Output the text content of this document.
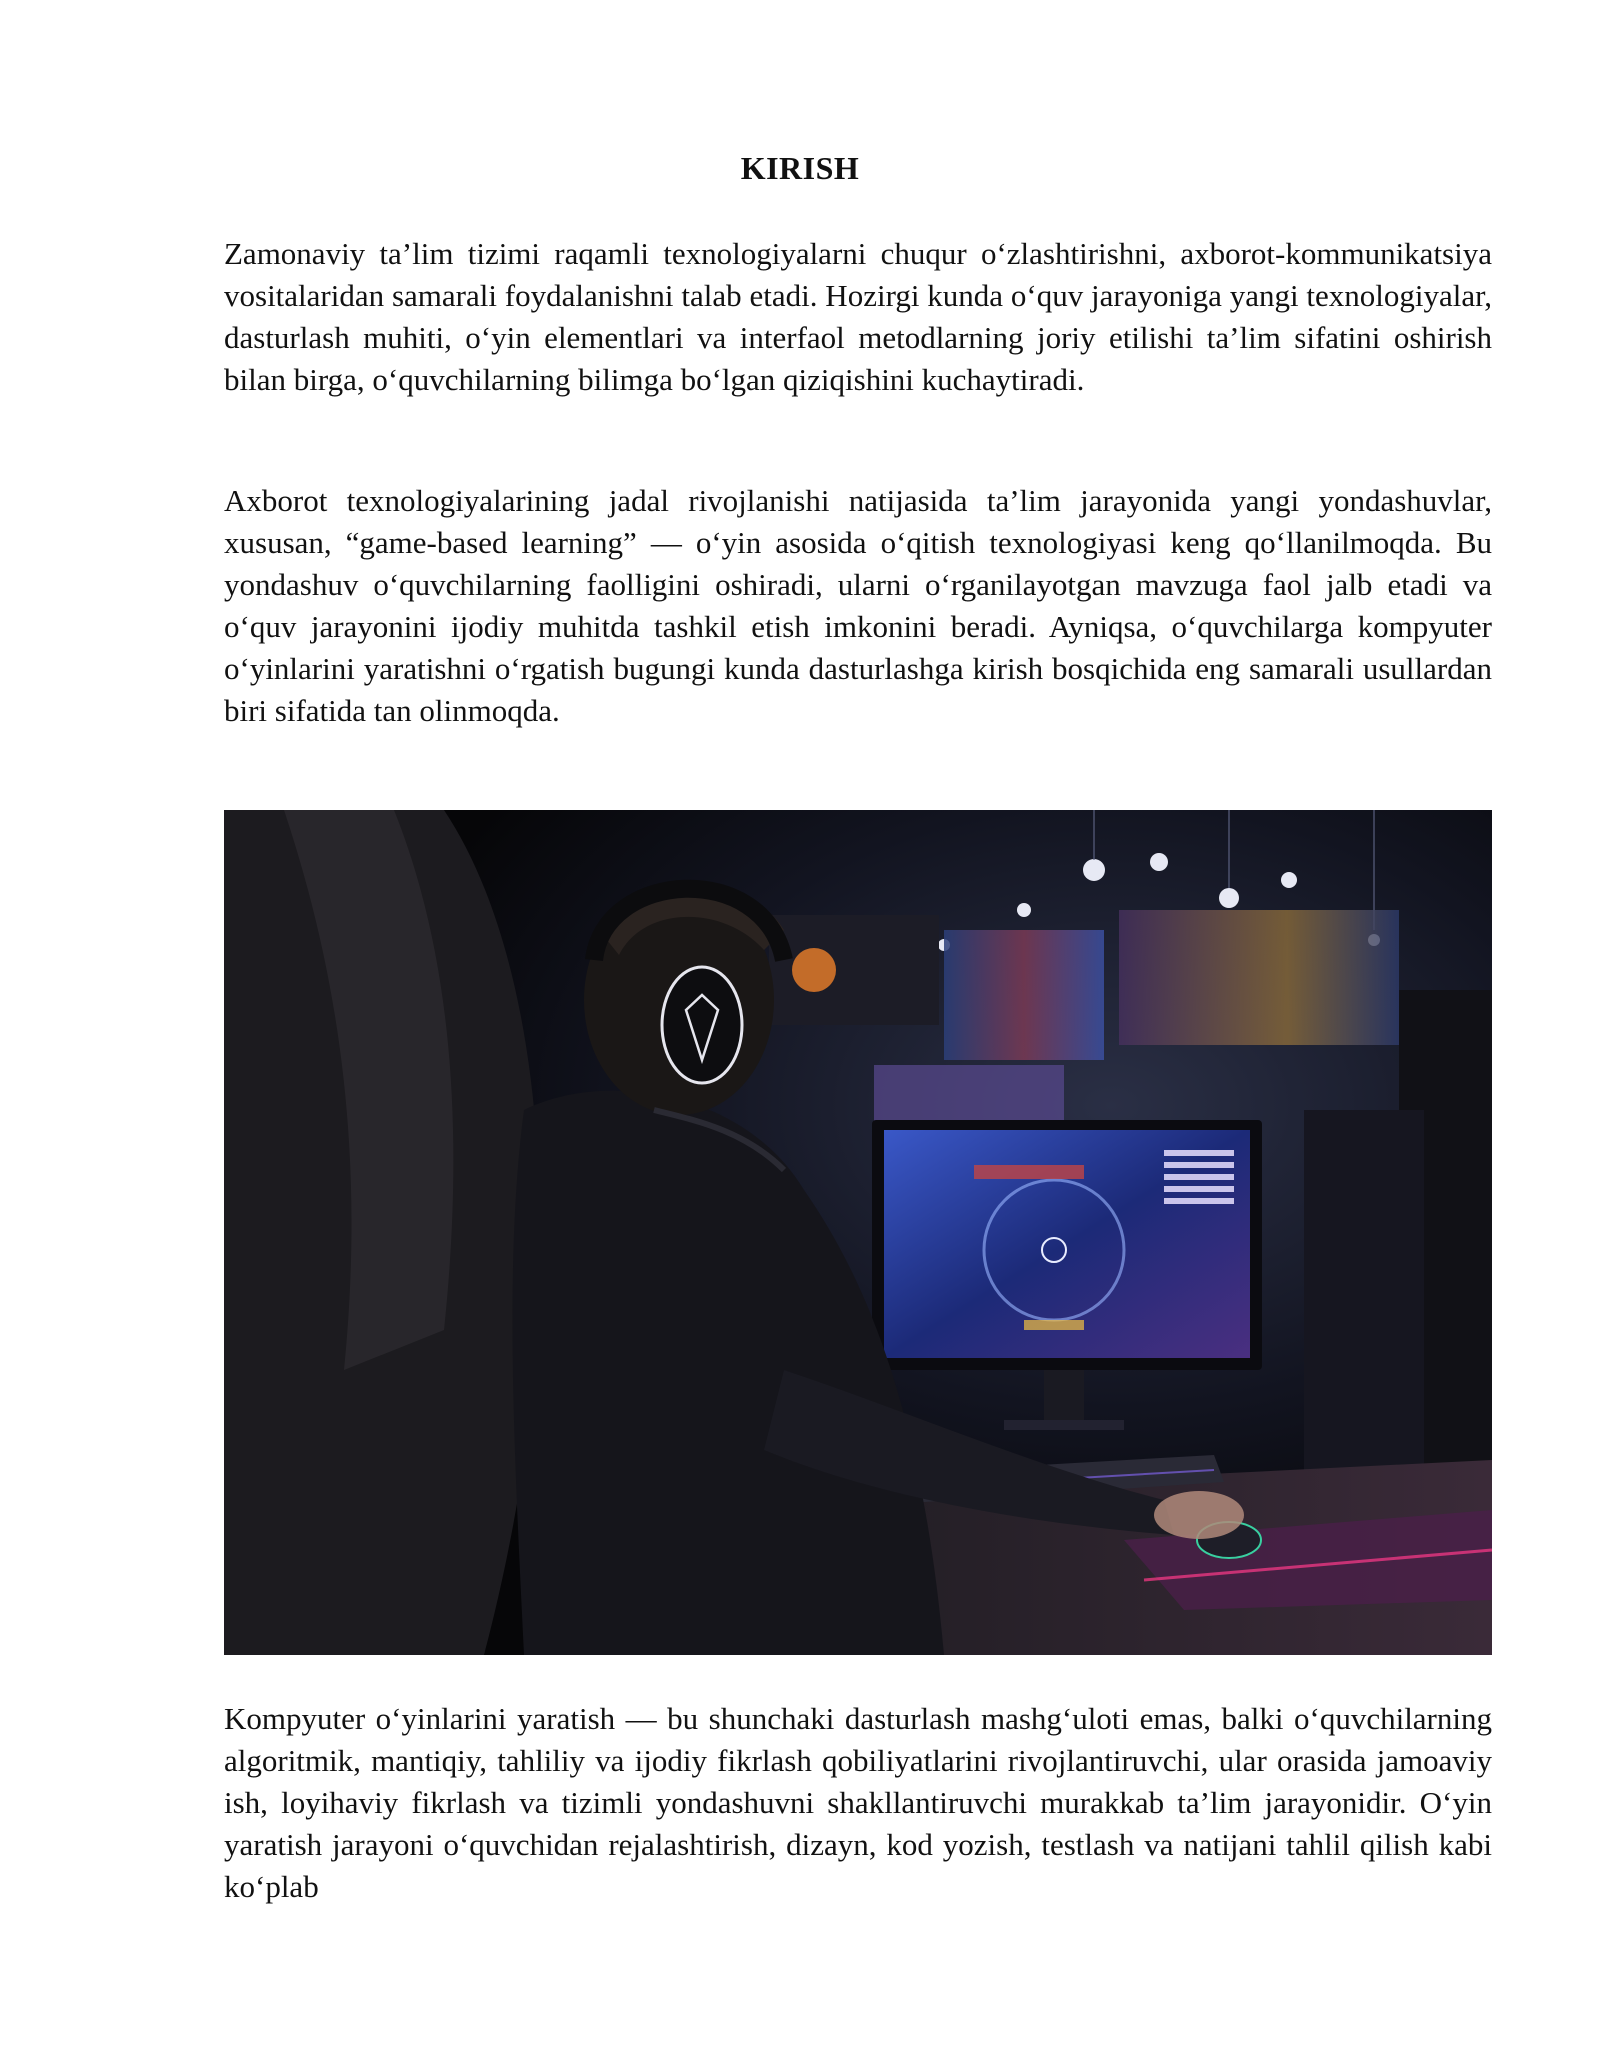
KIRISH

Zamonaviy ta’lim tizimi raqamli texnologiyalarni chuqur o‘zlashtirishni, axborot-kommunikatsiya vositalaridan samarali foydalanishni talab etadi. Hozirgi kunda o‘quv jarayoniga yangi texnologiyalar, dasturlash muhiti, o‘yin elementlari va interfaol metodlarning joriy etilishi ta’lim sifatini oshirish bilan birga, o‘quvchilarning bilimga bo‘lgan qiziqishini kuchaytiradi.

Axborot texnologiyalarining jadal rivojlanishi natijasida ta’lim jarayonida yangi yondashuvlar, xususan, “game-based learning” — o‘yin asosida o‘qitish texnologiyasi keng qo‘llanilmoqda. Bu yondashuv o‘quvchilarning faolligini oshiradi, ularni o‘rganilayotgan mavzuga faol jalb etadi va o‘quv jarayonini ijodiy muhitda tashkil etish imkonini beradi. Ayniqsa, o‘quvchilarga kompyuter o‘yinlarini yaratishni o‘rgatish bugungi kunda dasturlashga kirish bosqichida eng samarali usullardan biri sifatida tan olinmoqda.

Kompyuter o‘yinlarini yaratish — bu shunchaki dasturlash mashg‘uloti emas, balki o‘quvchilarning algoritmik, mantiqiy, tahliliy va ijodiy fikrlash qobiliyatlarini rivojlantiruvchi, ular orasida jamoaviy ish, loyihaviy fikrlash va tizimli yondashuvni shakllantiruvchi murakkab ta’lim jarayonidir. O‘yin yaratish jarayoni o‘quvchidan rejalashtirish, dizayn, kod yozish, testlash va natijani tahlil qilish kabi ko‘plab
